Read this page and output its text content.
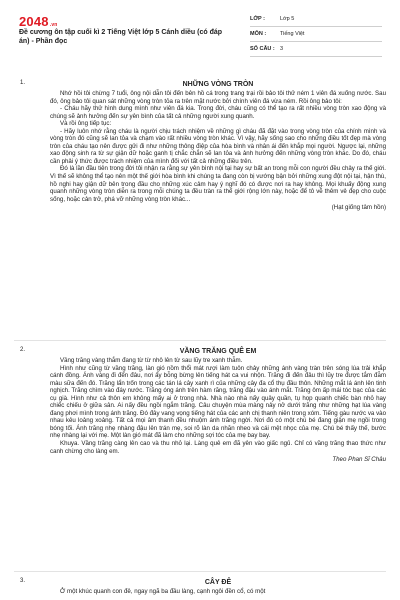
2048.vn
Đề cương ôn tập cuối kì 2 Tiếng Việt lớp 5 Cánh diều (có đáp án) - Phần đọc
LỚP :	Lớp 5
MÔN :	Tiếng Việt
SỐ CÂU : 3
1.	NHỮNG VÒNG TRÒN

Nhớ hồi tôi chừng 7 tuổi, ông nội dẫn tôi đến bên hồ cá trong trang trại rồi bảo tôi thử ném 1 viên đá xuống nước. Sau đó, ông bảo tôi quan sát những vòng tròn tỏa ra trên mặt nước bởi chính viên đá vừa ném. Rồi ông bảo tôi:

- Cháu hãy thử hình dung mình như viên đá kia. Trong đời, cháu cũng có thể tạo ra rất nhiều vòng tròn xao động và chúng sẽ ảnh hưởng đến sự yên bình của tất cả những người xung quanh.

Và rồi ông tiếp tục:

- Hãy luôn nhớ rằng cháu là người chịu trách nhiệm về những gì cháu đã đặt vào trong vòng tròn của chính mình và vòng tròn đó cũng sẽ lan tỏa và chạm vào rất nhiều vòng tròn khác. Vì vậy, hãy sống sao cho những điều tốt đẹp mà vòng tròn của cháu tạo nên được gửi đi như những thông điệp của hòa bình và nhân ái đến khắp mọi người. Ngược lại, những xao động sinh ra từ sự giận dữ hoặc ganh tị chắc chắn sẽ lan tỏa và ảnh hưởng đến những vòng tròn khác. Do đó, cháu cần phải ý thức được trách nhiệm của mình đối với tất cả những điều trên.

Đó là lần đầu tiên trong đời tôi nhận ra rằng sự yên bình nội tại hay sự bất an trong mỗi con người đều chảy ra thế giới. Vì thế sẽ không thể tạo nên một thế giới hòa bình khi chúng ta đang còn bị vướng bận bởi những xung đột nội tại, hận thù, hồ nghi hay giận dữ bên trong đầu cho những xúc cảm hay ý nghĩ đó có được nơi ra hay không. Mọi khuấy động xung quanh những vòng tròn diễn ra trong mỗi chúng ta đều tràn ra thế giới rộng lớn này, hoặc để tô vẽ thêm vẻ đẹp cho cuộc sống, hoặc cản trở, phá vỡ những vòng tròn khác...

(Hạt giống tâm hồn)

2.	VẦNG TRĂNG QUÊ EM

Vầng trăng vàng thắm đang từ từ nhô lên từ sau lũy tre xanh thẫm.

Hình như cũng từ vầng trăng, làn gió nồm thổi mát rượi làm tuôn chảy những ánh vàng tràn trên sóng lúa trải khắp cánh đồng. Ánh vàng đi đến đâu, nơi ấy bỗng bừng lên tiếng hát ca vui nhộn. Trăng đi đến đâu thì lũy tre được tắm đẫm màu sữa đến đó. Trăng lẩn trốn trong các tán lá cây xanh rì của những cây đa cổ thụ đầu thôn. Những mắt lá ánh lên tinh nghịch. Trăng chìm vào đáy nước. Trăng óng ánh trên hàm răng, trăng đậu vào ánh mắt. Trăng ôm ấp mái tóc bạc của các cụ già. Hình như cả thôn em không mấy ai ở trong nhà. Nhà nào nhà nấy quây quần, tụ họp quanh chiếc bàn nhỏ hay chiếc chiếu ở giữa sân. Ai nấy đều ngồi ngắm trăng. Câu chuyện mùa màng nảy nở dưới trăng như những hạt lúa vàng đang phơi mình trong ánh trăng. Đó đây vang vọng tiếng hát của các anh chị thanh niên trong xóm. Tiếng gàu nước va vào nhau kêu loảng xoảng. Tất cả mọi âm thanh đều nhuộm ánh trăng ngời. Nơi đó có một chú bé đang giận mẹ ngồi trong bóng tối. Ánh trăng nhẹ nhàng đậu lên trán mẹ, soi rõ làn da nhăn nheo và cái mệt nhọc của mẹ. Chú bé thấy thế, bước nhẹ nhàng lại với mẹ. Một làn gió mát đã làm cho những sợi tóc của mẹ bay bay.

Khuya. Vầng trăng càng lên cao và thu nhỏ lại. Làng quê em đã yên vào giấc ngủ. Chỉ có vầng trăng thao thức như canh chừng cho làng em.

Theo Phan Sĩ Châu

3.	CÂY ĐÊ

Ở một khúc quanh con đê, ngay ngã ba đầu làng, cạnh ngôi đền cổ, có một
